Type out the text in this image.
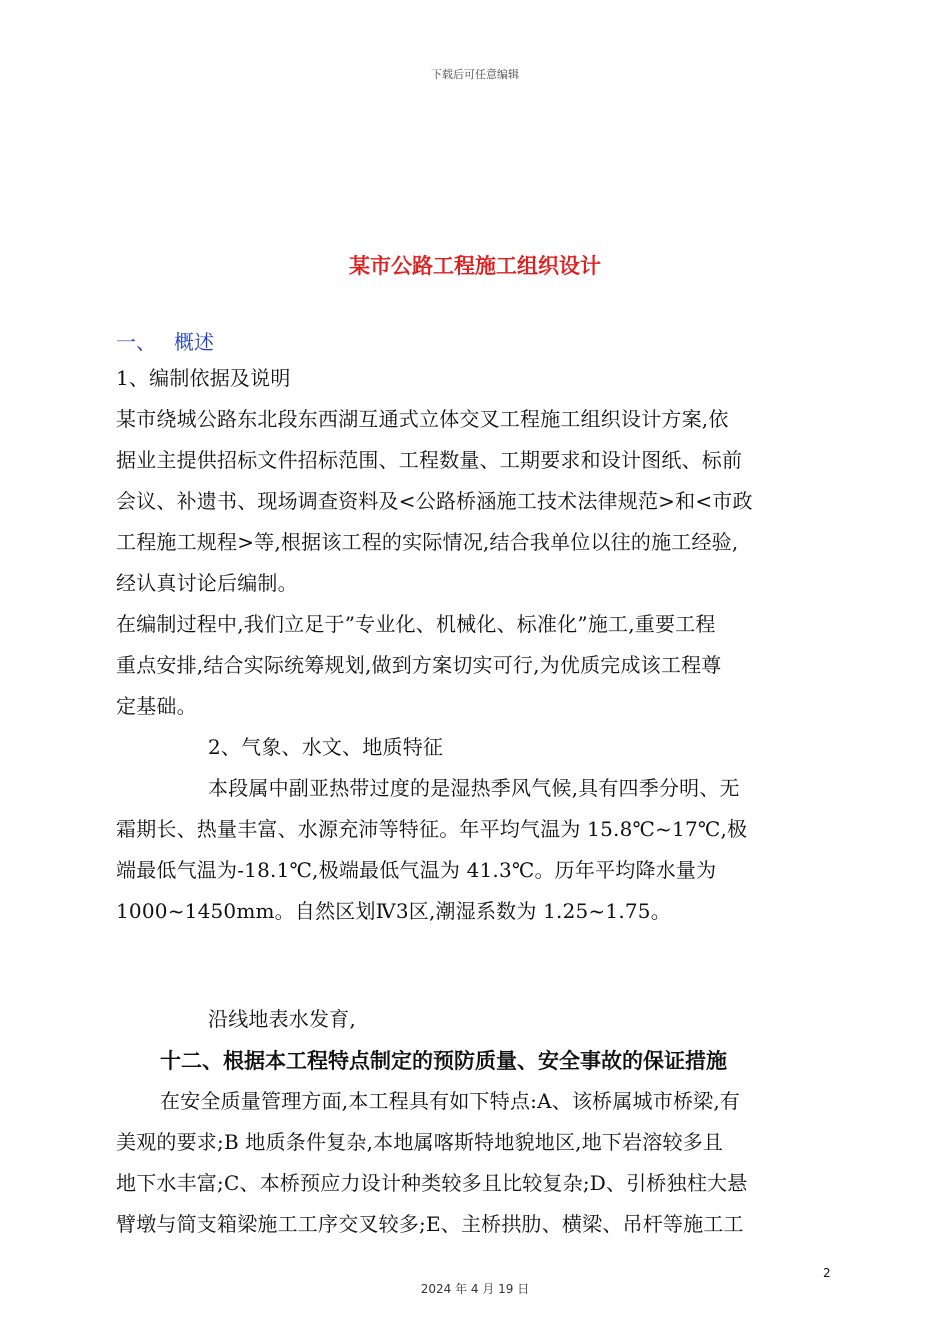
下载后可任意编辑
某市公路工程施工组织设计
一、 概述
1、编制依据及说明
某市绕城公路东北段东西湖互通式立体交叉工程施工组织设计方案,依
据业主提供招标文件招标范围、工程数量、工期要求和设计图纸、标前
会议、补遗书、现场调查资料及<公路桥涵施工技术法律规范>和<市政
工程施工规程>等,根据该工程的实际情况,结合我单位以往的施工经验,
经认真讨论后编制。
在编制过程中,我们立足于”专业化、机械化、标准化”施工,重要工程
重点安排,结合实际统筹规划,做到方案切实可行,为优质完成该工程尊
定基础。
2、气象、水文、地质特征
本段属中副亚热带过度的是湿热季风气候,具有四季分明、无
霜期长、热量丰富、水源充沛等特征。年平均气温为 15.8℃~17℃,极
端最低气温为-18.1℃,极端最低气温为 41.3℃。历年平均降水量为
1000~1450mm。自然区划Ⅳ3区,潮湿系数为 1.25~1.75。
沿线地表水发育,
十二、根据本工程特点制定的预防质量、安全事故的保证措施
在安全质量管理方面,本工程具有如下特点:A、该桥属城市桥梁,有
美观的要求;B 地质条件复杂,本地属喀斯特地貌地区,地下岩溶较多且
地下水丰富;C、本桥预应力设计种类较多且比较复杂;D、引桥独柱大悬
臂墩与简支箱梁施工工序交叉较多;E、主桥拱肋、横梁、吊杆等施工工
2
2024 年 4 月 19 日
